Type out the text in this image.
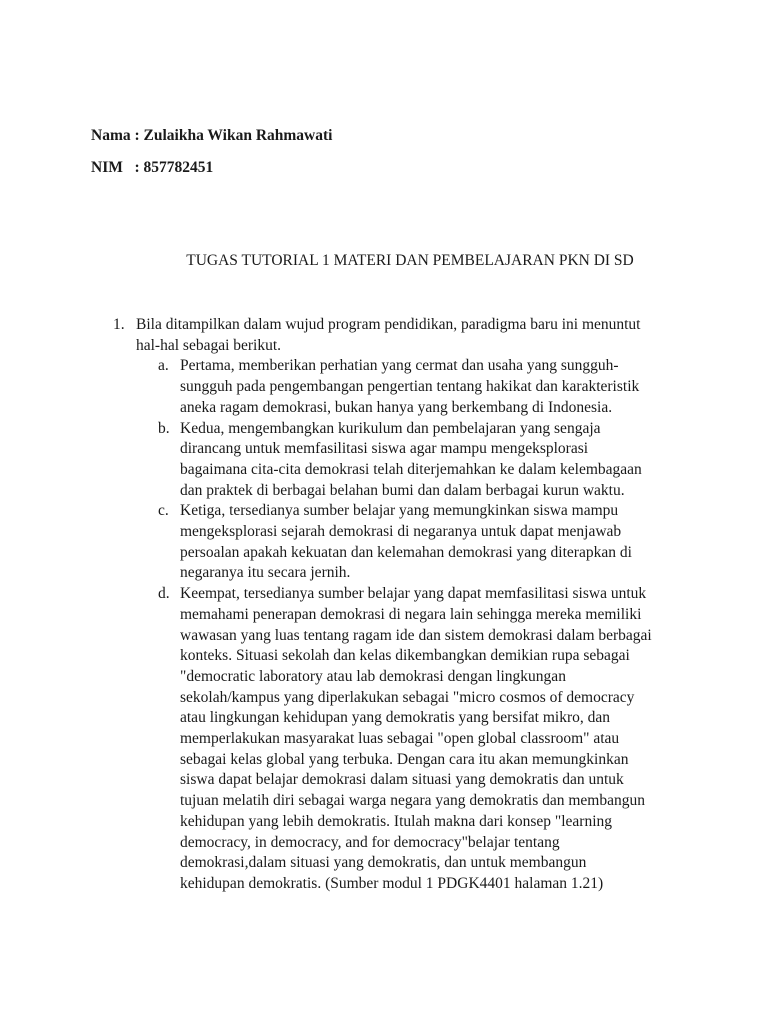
Nama : Zulaikha Wikan Rahmawati
NIM   : 857782451
TUGAS TUTORIAL 1 MATERI DAN PEMBELAJARAN PKN DI SD
1. Bila ditampilkan dalam wujud program pendidikan, paradigma baru ini menuntut
hal-hal sebagai berikut.
a. Pertama, memberikan perhatian yang cermat dan usaha yang sungguh-
sungguh pada pengembangan pengertian tentang hakikat dan karakteristik
aneka ragam demokrasi, bukan hanya yang berkembang di Indonesia.
b. Kedua, mengembangkan kurikulum dan pembelajaran yang sengaja
dirancang untuk memfasilitasi siswa agar mampu mengeksplorasi
bagaimana cita-cita demokrasi telah diterjemahkan ke dalam kelembagaan
dan praktek di berbagai belahan bumi dan dalam berbagai kurun waktu.
c. Ketiga, tersedianya sumber belajar yang memungkinkan siswa mampu
mengeksplorasi sejarah demokrasi di negaranya untuk dapat menjawab
persoalan apakah kekuatan dan kelemahan demokrasi yang diterapkan di
negaranya itu secara jernih.
d. Keempat, tersedianya sumber belajar yang dapat memfasilitasi siswa untuk
memahami penerapan demokrasi di negara lain sehingga mereka memiliki
wawasan yang luas tentang ragam ide dan sistem demokrasi dalam berbagai
konteks. Situasi sekolah dan kelas dikembangkan demikian rupa sebagai
"democratic laboratory atau lab demokrasi dengan lingkungan
sekolah/kampus yang diperlakukan sebagai "micro cosmos of democracy
atau lingkungan kehidupan yang demokratis yang bersifat mikro, dan
memperlakukan masyarakat luas sebagai "open global classroom" atau
sebagai kelas global yang terbuka. Dengan cara itu akan memungkinkan
siswa dapat belajar demokrasi dalam situasi yang demokratis dan untuk
tujuan melatih diri sebagai warga negara yang demokratis dan membangun
kehidupan yang lebih demokratis. Itulah makna dari konsep "learning
democracy, in democracy, and for democracy"belajar tentang
demokrasi,dalam situasi yang demokratis, dan untuk membangun
kehidupan demokratis. (Sumber modul 1 PDGK4401 halaman 1.21)
